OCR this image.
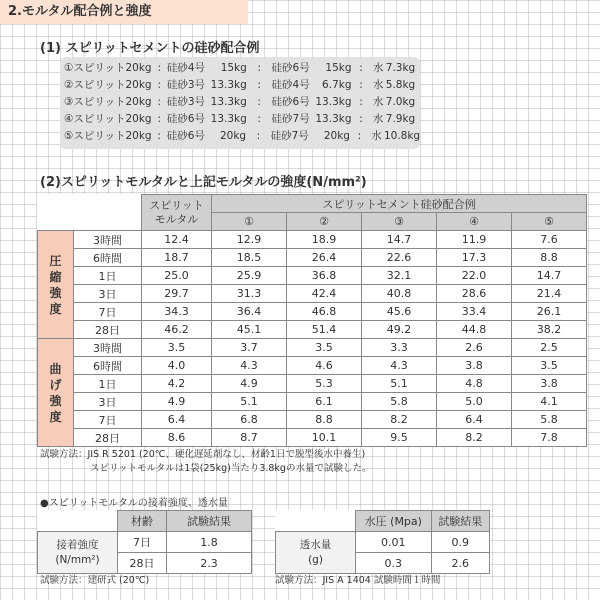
2.モルタル配合例と強度
(1) スピリットセメントの硅砂配合例
①スピリット20kg : 硅砂4号	15kg	:	硅砂6号	15kg : 水 7.3kg
②スピリット20kg : 硅砂3号 13.3kg	:	硅砂4号	6.7kg : 水 5.8kg
③スピリット20kg : 硅砂3号 13.3kg	:	硅砂6号 13.3kg : 水 7.0kg
④スピリット20kg : 硅砂6号 13.3kg	:	硅砂7号 13.3kg : 水 7.9kg
⑤スピリット20kg : 硅砂6号	20kg	:	硅砂7号	20kg : 水 10.8kg
(2)スピリットモルタルと上記モルタルの強度(N/mm²)
		スピリット
モルタル	スピリットセメント硅砂配合例				
			①	②	③	④	⑤
圧
縮
強
度	3時間	12.4	12.9	18.9	14.7	11.9	7.6
	6時間	18.7	18.5	26.4	22.6	17.3	8.8
	1日	25.0	25.9	36.8	32.1	22.0	14.7
	3日	29.7	31.3	42.4	40.8	28.6	21.4
	7日	34.3	36.4	46.8	45.6	33.4	26.1
	28日	46.2	45.1	51.4	49.2	44.8	38.2
曲
げ
強
度	3時間	3.5	3.7	3.5	3.3	2.6	2.5
	6時間	4.0	4.3	4.6	4.3	3.8	3.5
	1日	4.2	4.9	5.3	5.1	4.8	3.8
	3日	4.9	5.1	6.1	5.8	5.0	4.1
	7日	6.4	6.8	8.8	8.2	6.4	5.8
	28日	8.6	8.7	10.1	9.5	8.2	7.8
試験方法：JIS R 5201 (20℃、硬化遅延剤なし、材齢1日で脱型後水中養生)
スピリットモルタルは1袋(25kg)当たり3.8kgの水量で試験した。
●スピリットモルタルの接着強度、透水量
	材齢	試験結果
接着強度
(N/mm²)	7日	1.8
	28日	2.3
試験方法：建研式 (20℃)
	水圧 (Mpa)	試験結果
透水量
(g)	0.01	0.9
	0.3	2.6
試験方法：JIS A 1404 試験時間１時間
